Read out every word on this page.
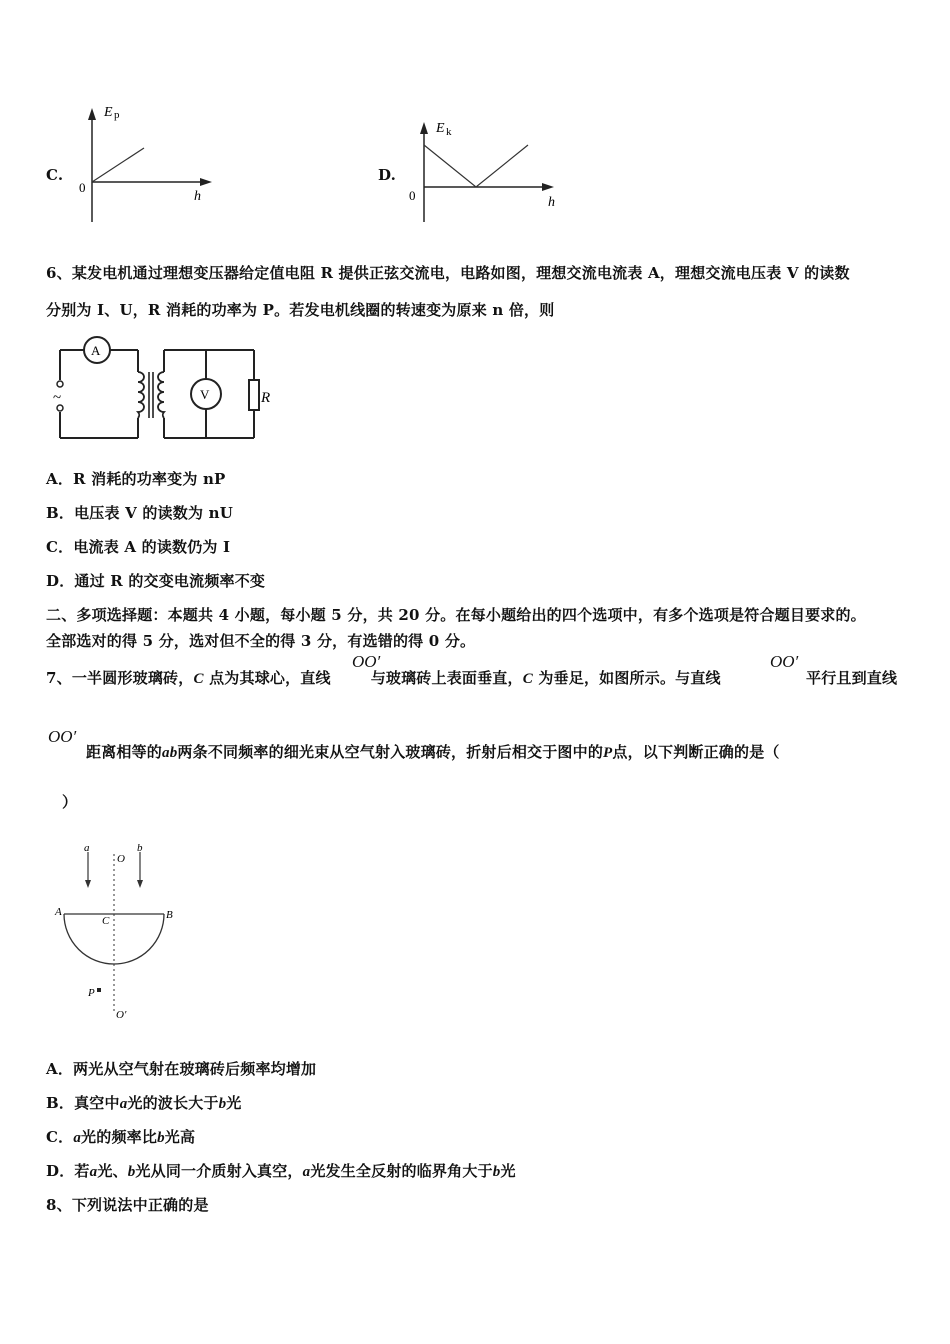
C.
E p
h
0
D.
E k
h
0
6、某发电机通过理想变压器给定值电阻 R 提供正弦交流电，电路如图，理想交流电流表 A，理想交流电压表 V 的读数
分别为 I、U，R 消耗的功率为 P。若发电机线圈的转速变为原来 n 倍，则
~
A
V	R
A．R 消耗的功率变为 nP
B．电压表 V 的读数为 nU
C．电流表 A 的读数仍为 I
D．通过 R 的交变电流频率不变
二、多项选择题：本题共 4 小题，每小题 5 分，共 20 分。在每小题给出的四个选项中，有多个选项是符合题目要求的。
全部选对的得 5 分，选对但不全的得 3 分，有选错的得 0 分。
7、一半圆形玻璃砖，C 点为其球心，直线	与玻璃砖上表面垂直，C 为垂足，如图所示。与直线
OO′	OO′
平行且到直线
OO′
距离相等的ab两条不同频率的细光束从空气射入玻璃砖，折射后相交于图中的P点，以下判断正确的是（
）
a	b
O
A	B
C
P
O′
A．两光从空气射在玻璃砖后频率均增加
B．真空中a光的波长大于b光
C．a光的频率比b光高
D．若a光、b光从同一介质射入真空，a光发生全反射的临界角大于b光
8、下列说法中正确的是
